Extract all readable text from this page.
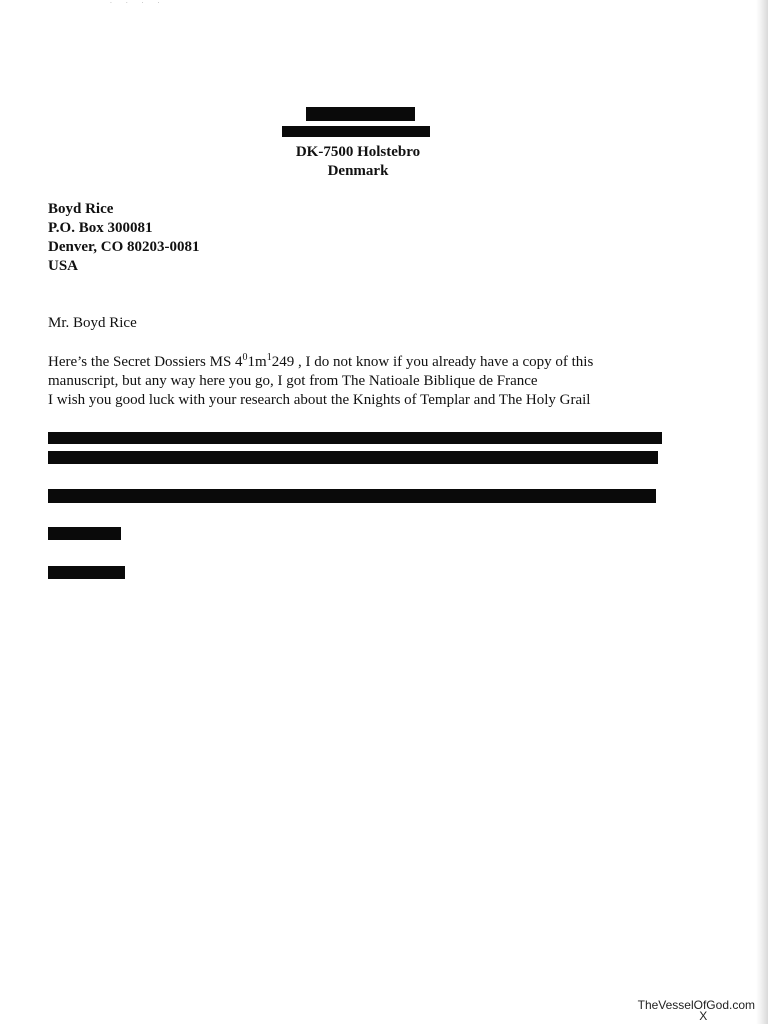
· · · ·
DK-7500 Holstebro
Denmark
Boyd Rice
P.O. Box 300081
Denver, CO 80203-0081
USA
Mr. Boyd Rice
Here’s the Secret Dossiers MS $4^01m^1249$ , I do not know if you already have a copy of this
manuscript, but any way here you go, I got from The Natioale Biblique de France
I wish you good luck with your research about the Knights of Templar and The Holy Grail
TheVesselOfGod.com
X
